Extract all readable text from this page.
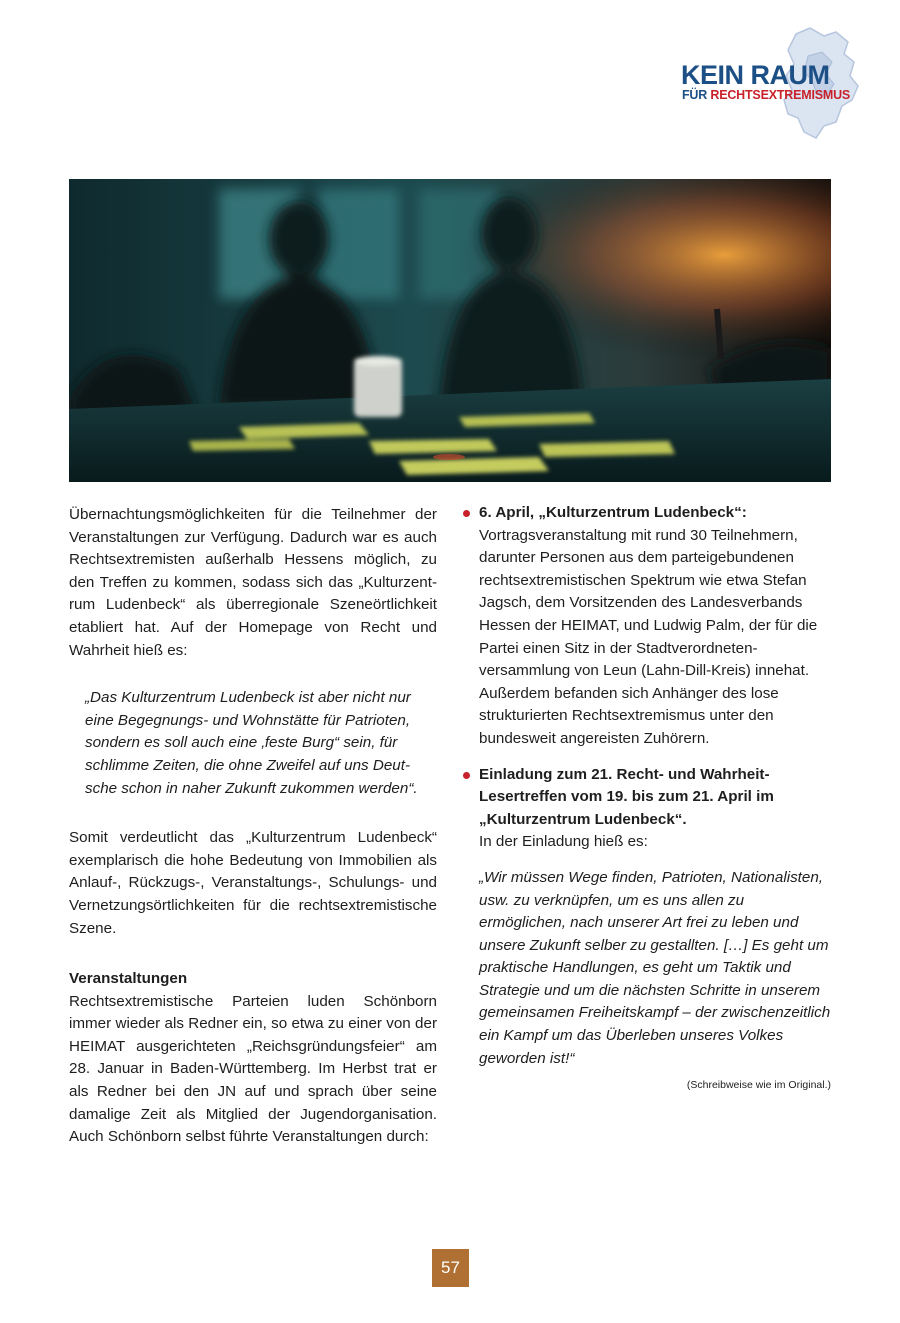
KEIN RAUM
FÜR RECHTSEXTREMISMUS

Übernachtungsmöglichkeiten für die Teilnehmer der Veranstaltungen zur Verfügung. Dadurch war es auch Rechtsextremisten außerhalb Hessens möglich, zu den Treffen zu kommen, sodass sich das „Kulturzentrum Ludenbeck“ als überregionale Szeneörtlichkeit etabliert hat. Auf der Homepage von Recht und Wahrheit hieß es:

„Das Kulturzentrum Ludenbeck ist aber nicht nur eine Begegnungs- und Wohnstätte für Patrioten, sondern es soll auch eine ‚feste Burg“ sein, für schlimme Zeiten, die ohne Zweifel auf uns Deutsche schon in naher Zukunft zukommen werden“.

Somit verdeutlicht das „Kulturzentrum Ludenbeck“ exemplarisch die hohe Bedeutung von Immobilien als Anlauf-, Rückzugs-, Veranstaltungs-, Schulungs- und Vernetzungsörtlichkeiten für die rechtsextremistische Szene.

Veranstaltungen

Rechtsextremistische Parteien luden Schönborn immer wieder als Redner ein, so etwa zu einer von der HEIMAT ausgerichteten „Reichsgründungsfeier“ am 28. Januar in Baden-Württemberg. Im Herbst trat er als Redner bei den JN auf und sprach über seine damalige Zeit als Mitglied der Jugendorganisation. Auch Schönborn selbst führte Veranstaltungen durch:

6. April, „Kulturzentrum Ludenbeck“:

Vortragsveranstaltung mit rund 30 Teilnehmern, darunter Personen aus dem parteigebundenen rechtsextremistischen Spektrum wie etwa Stefan Jagsch, dem Vorsitzenden des Landesverbands Hessen der HEIMAT, und Ludwig Palm, der für die Partei einen Sitz in der Stadtverordnetenversammlung von Leun (Lahn-Dill-Kreis) innehat. Außerdem befanden sich Anhänger des lose strukturierten Rechtsextremismus unter den bundesweit angereisten Zuhörern.

Einladung zum 21. Recht- und Wahrheit-Lesertreffen vom 19. bis zum 21. April im „Kulturzentrum Ludenbeck“.

In der Einladung hieß es:

„Wir müssen Wege finden, Patrioten, Nationalisten, usw. zu verknüpfen, um es uns allen zu ermöglichen, nach unserer Art frei zu leben und unsere Zukunft selber zu gestallten. […] Es geht um praktische Handlungen, es geht um Taktik und Strategie und um die nächsten Schritte in unserem gemeinsamen Freiheitskampf – der zwischenzeitlich ein Kampf um das Überleben unseres Volkes geworden ist!“
(Schreibweise wie im Original.)
57
